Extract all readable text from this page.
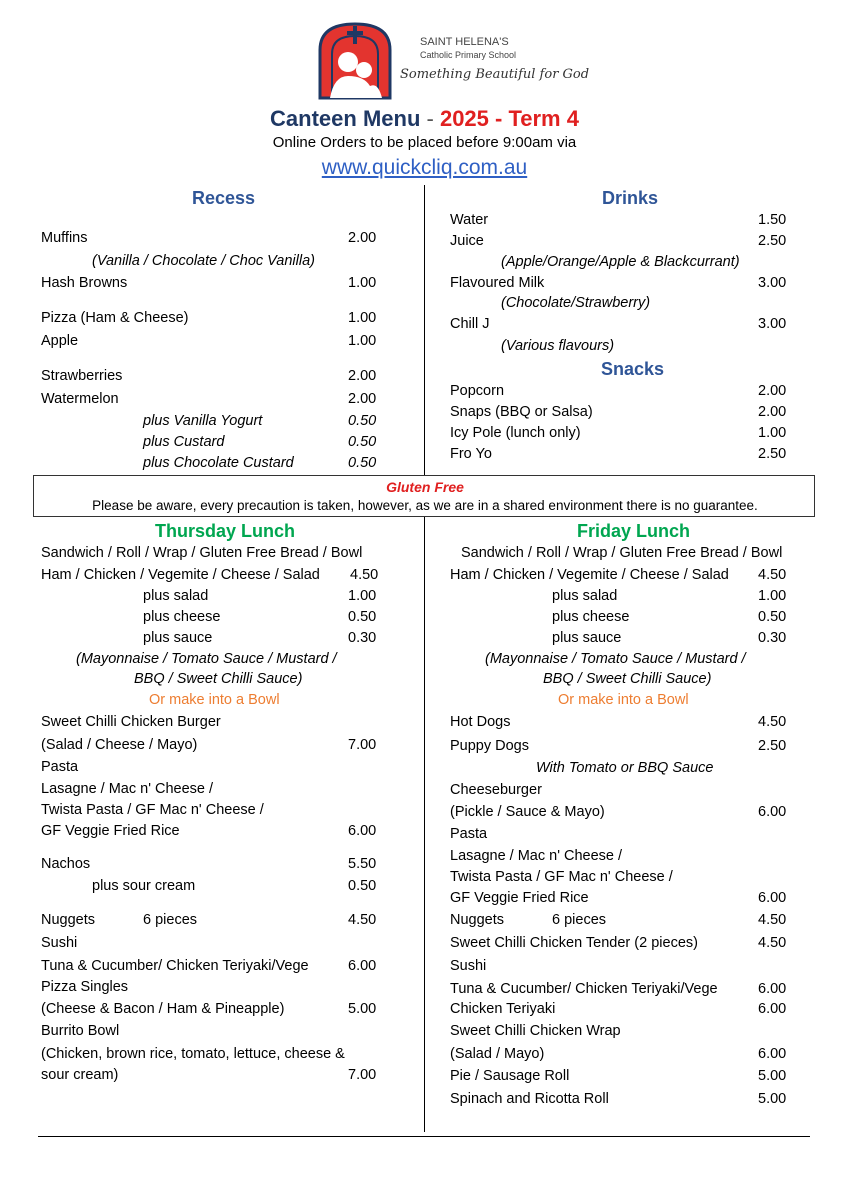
SAINT HELENA'S
Catholic Primary School
Something Beautiful for God
Canteen Menu - 2025 - Term 4
Online Orders to be placed before 9:00am via
www.quickcliq.com.au
Gluten Free
Please be aware, every precaution is taken, however, as we are in a shared environment there is no guarantee.
Recess	Drinks
Snacks
Thursday Lunch	Friday Lunch
Muffins	2.00
(Vanilla / Chocolate / Choc Vanilla)
Hash Browns	1.00
Pizza (Ham & Cheese)	1.00
Apple	1.00
Strawberries	2.00
Watermelon	2.00
plus Vanilla Yogurt	0.50
plus Custard	0.50
plus Chocolate Custard	0.50
Water	1.50
Juice	2.50
(Apple/Orange/Apple & Blackcurrant)
Flavoured Milk	3.00
(Chocolate/Strawberry)
Chill J	3.00
(Various flavours)
Popcorn	2.00
Snaps (BBQ or Salsa)	2.00
Icy Pole (lunch only)	1.00
Fro Yo	2.50
Sandwich / Roll / Wrap / Gluten Free Bread / Bowl
Ham / Chicken / Vegemite / Cheese / Salad 4.50
plus salad	1.00
plus cheese	0.50
plus sauce	0.30
(Mayonnaise / Tomato Sauce / Mustard /
BBQ / Sweet Chilli Sauce)
Or make into a Bowl
Sweet Chilli Chicken Burger
(Salad / Cheese / Mayo)	7.00
Pasta
Lasagne / Mac n' Cheese /
Twista Pasta / GF Mac n' Cheese /
GF Veggie Fried Rice	6.00
Nachos	5.50
plus sour cream	0.50
Nuggets	6 pieces	4.50
Sushi
Tuna & Cucumber/ Chicken Teriyaki/Vege	6.00
Pizza Singles
(Cheese & Bacon / Ham & Pineapple)	5.00
Burrito Bowl
(Chicken, brown rice, tomato, lettuce, cheese &
sour cream)	7.00
Sandwich / Roll / Wrap / Gluten Free Bread / Bowl
Ham / Chicken / Vegemite / Cheese / Salad 4.50
plus salad	1.00
plus cheese	0.50
plus sauce	0.30
(Mayonnaise / Tomato Sauce / Mustard /
BBQ / Sweet Chilli Sauce)
Or make into a Bowl
Hot Dogs	4.50
Puppy Dogs	2.50
With Tomato or BBQ Sauce
Cheeseburger
(Pickle / Sauce & Mayo)	6.00
Pasta
Lasagne / Mac n' Cheese /
Twista Pasta / GF Mac n' Cheese /
GF Veggie Fried Rice	6.00
Nuggets	6 pieces	4.50
Sweet Chilli Chicken Tender (2 pieces)	4.50
Sushi
Tuna & Cucumber/ Chicken Teriyaki/Vege	6.00
Chicken Teriyaki	6.00
Sweet Chilli Chicken Wrap
(Salad / Mayo)	6.00
Pie / Sausage Roll	5.00
Spinach and Ricotta Roll	5.00
